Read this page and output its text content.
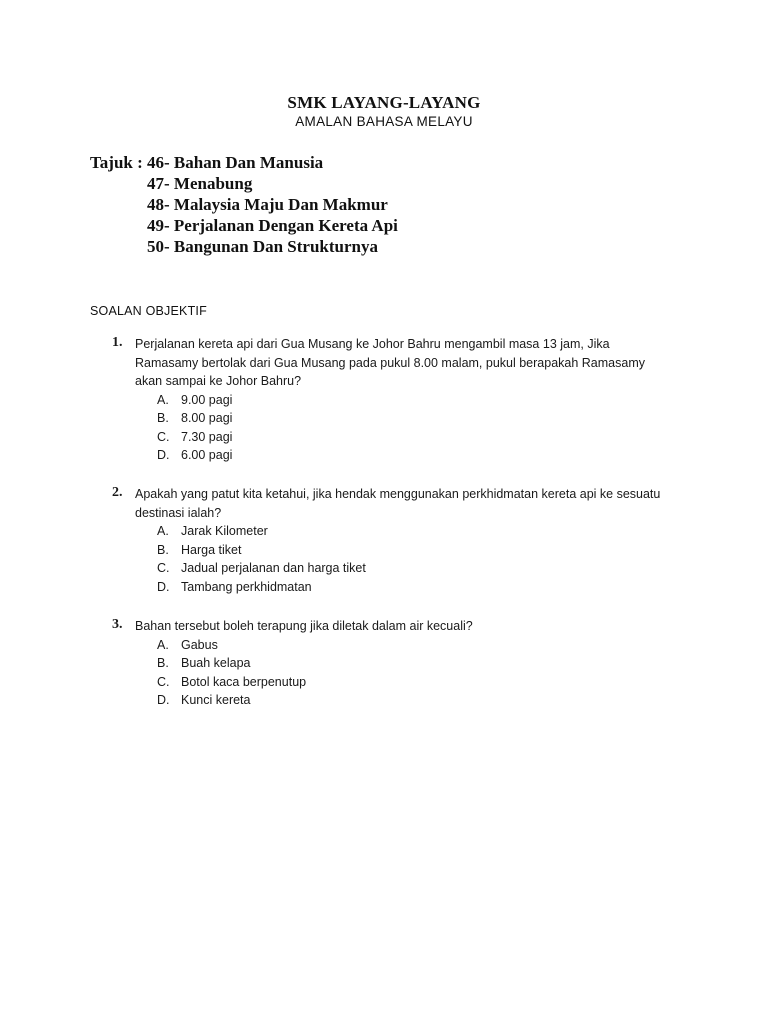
SMK LAYANG-LAYANG
AMALAN BAHASA MELAYU
Tajuk : 46- Bahan Dan Manusia
47- Menabung
48- Malaysia Maju Dan Makmur
49- Perjalanan Dengan Kereta Api
50- Bangunan Dan Strukturnya
SOALAN OBJEKTIF
1. Perjalanan kereta api dari Gua Musang ke Johor Bahru mengambil masa 13 jam, Jika Ramasamy bertolak dari Gua Musang pada pukul 8.00 malam, pukul berapakah Ramasamy akan sampai ke Johor Bahru?
A. 9.00 pagi
B. 8.00 pagi
C. 7.30 pagi
D. 6.00 pagi
2. Apakah yang patut kita ketahui, jika hendak menggunakan perkhidmatan kereta api ke sesuatu destinasi ialah?
A. Jarak Kilometer
B. Harga tiket
C. Jadual perjalanan dan harga tiket
D. Tambang perkhidmatan
3. Bahan tersebut boleh terapung jika diletak dalam air kecuali?
A. Gabus
B. Buah kelapa
C. Botol kaca berpenutup
D. Kunci kereta
